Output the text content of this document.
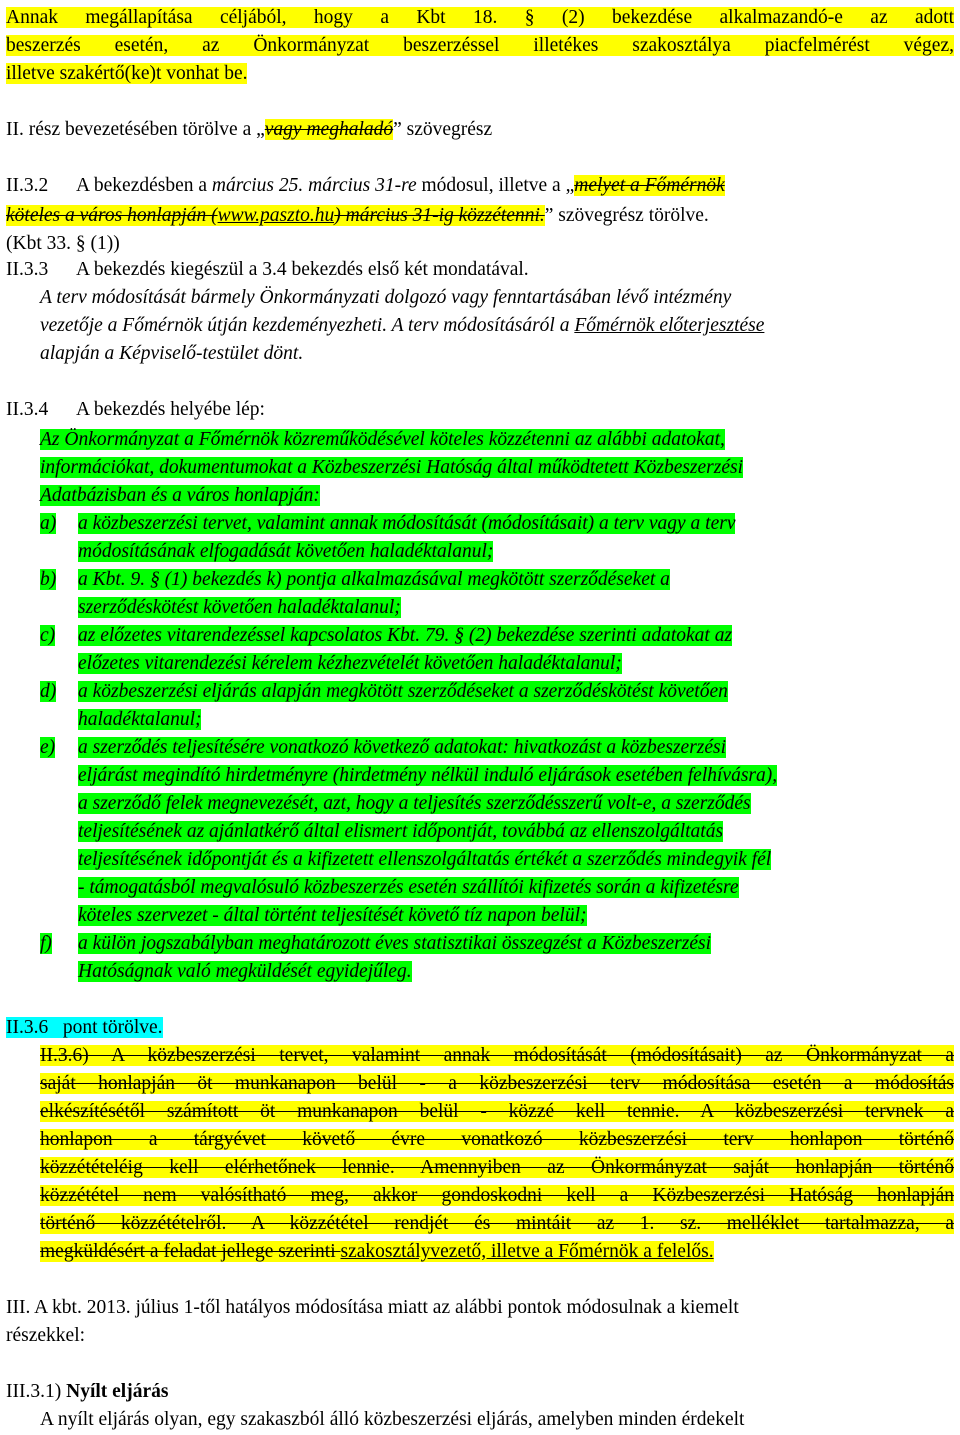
Annak megállapítása céljából, hogy a Kbt 18. § (2) bekezdése alkalmazandó-e az adott
beszerzés esetén, az Önkormányzat beszerzéssel illetékes szakosztálya piacfelmérést végez,
illetve szakértő(ke)t vonhat be.
II. rész bevezetésében törölve a „vagy meghaladó” szövegrész
II.3.2 A bekezdésben a március 25. március 31-re módosul, illetve a „melyet a Főmérnök
köteles a város honlapján (www.paszto.hu) március 31-ig közzétenni.” szövegrész törölve.
(Kbt 33. § (1))
II.3.3 A bekezdés kiegészül a 3.4 bekezdés első két mondatával.
A terv módosítását bármely Önkormányzati dolgozó vagy fenntartásában lévő intézmény
vezetője a Főmérnök útján kezdeményezheti. A terv módosításáról a Főmérnök előterjesztése
alapján a Képviselő-testület dönt.
II.3.4 A bekezdés helyébe lép:
Az Önkormányzat a Főmérnök közreműködésével köteles közzétenni az alábbi adatokat,
információkat, dokumentumokat a Közbeszerzési Hatóság által működtetett Közbeszerzési
Adatbázisban és a város honlapján:
a) a közbeszerzési tervet, valamint annak módosítását (módosításait) a terv vagy a terv
módosításának elfogadását követően haladéktalanul;
b) a Kbt. 9. § (1) bekezdés k) pontja alkalmazásával megkötött szerződéseket a
szerződéskötést követően haladéktalanul;
c) az előzetes vitarendezéssel kapcsolatos Kbt. 79. § (2) bekezdése szerinti adatokat az
előzetes vitarendezési kérelem kézhezvételét követően haladéktalanul;
d) a közbeszerzési eljárás alapján megkötött szerződéseket a szerződéskötést követően
haladéktalanul;
e) a szerződés teljesítésére vonatkozó következő adatokat: hivatkozást a közbeszerzési
eljárást megindító hirdetményre (hirdetmény nélkül induló eljárások esetében felhívásra),
a szerződő felek megnevezését, azt, hogy a teljesítés szerződésszerű volt-e, a szerződés
teljesítésének az ajánlatkérő által elismert időpontját, továbbá az ellenszolgáltatás
teljesítésének időpontját és a kifizetett ellenszolgáltatás értékét a szerződés mindegyik fél
- támogatásból megvalósuló közbeszerzés esetén szállítói kifizetés során a kifizetésre
köteles szervezet - által történt teljesítését követő tíz napon belül;
f) a külön jogszabályban meghatározott éves statisztikai összegzést a Közbeszerzési
Hatóságnak való megküldését egyidejűleg.
II.3.6 pont törölve.
II.3.6) A közbeszerzési tervet, valamint annak módosítását (módosításait) az Önkormányzat a
saját honlapján öt munkanapon belül - a közbeszerzési terv módosítása esetén a módosítás
elkészítésétől számított öt munkanapon belül - közzé kell tennie. A közbeszerzési tervnek a
honlapon a tárgyévet követő évre vonatkozó közbeszerzési terv honlapon történő
közzétételéig kell elérhetőnek lennie. Amennyiben az Önkormányzat saját honlapján történő
közzététel nem valósítható meg, akkor gondoskodni kell a Közbeszerzési Hatóság honlapján
történő közzétételről. A közzététel rendjét és mintáit az 1. sz. melléklet tartalmazza, a
megküldésért a feladat jellege szerinti szakosztályvezető, illetve a Főmérnök a felelős.
III. A kbt. 2013. július 1-től hatályos módosítása miatt az alábbi pontok módosulnak a kiemelt
részekkel:
III.3.1) Nyílt eljárás
A nyílt eljárás olyan, egy szakaszból álló közbeszerzési eljárás, amelyben minden érdekelt
